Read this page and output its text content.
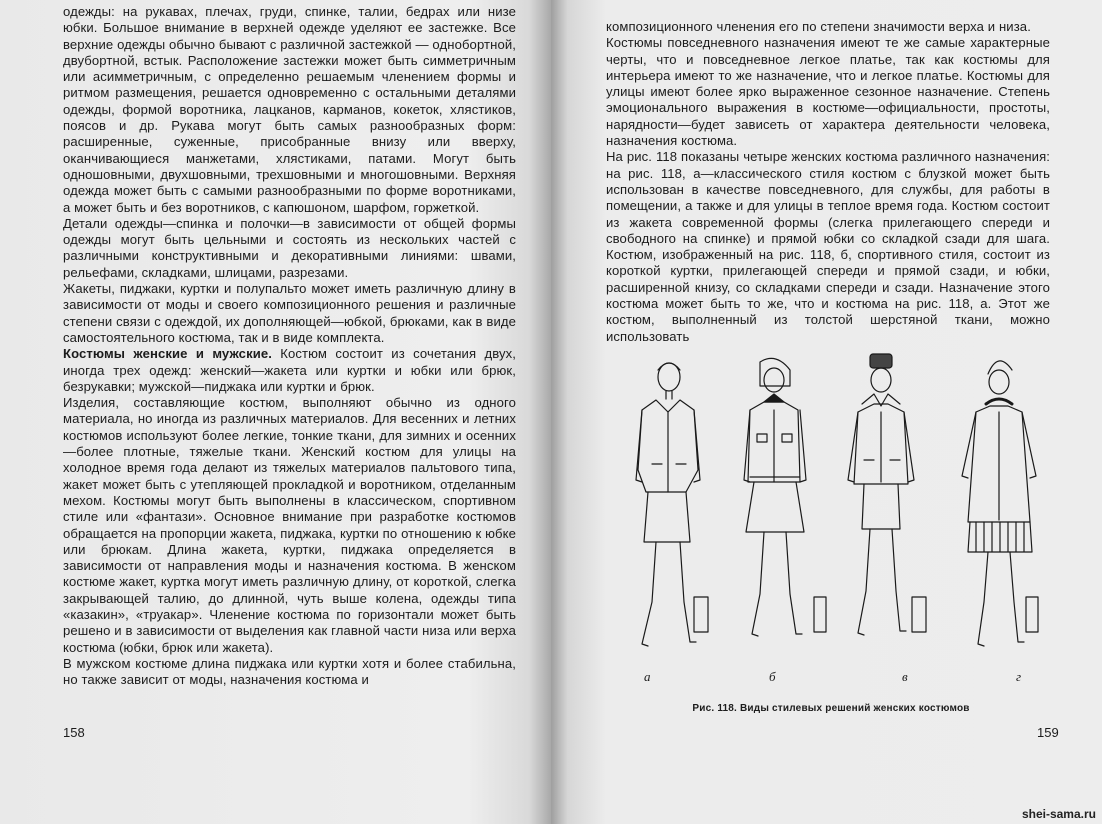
одежды: на рукавах, плечах, груди, спинке, талии, бедрах или низе юбки. Большое внимание в верхней одежде уделяют ее застежке. Все верхние одежды обычно бывают с различной застежкой — однобортной, двубортной, встык. Расположение застежки может быть симметричным или асимметричным, с определенно решаемым членением формы и ритмом размещения, решается одновременно с остальными деталями одежды, формой воротника, лацканов, карманов, кокеток, хлястиков, поясов и др. Рукава могут быть самых разнообразных форм: расширенные, суженные, присобранные внизу или вверху, оканчивающиеся манжетами, хлястиками, патами. Могут быть одношовными, двухшовными, трехшовными и многошовными. Верхняя одежда может быть с самыми разнообразными по форме воротниками, а может быть и без воротников, с капюшоном, шарфом, горжеткой.

Детали одежды—спинка и полочки—в зависимости от общей формы одежды могут быть цельными и состоять из нескольких частей с различными конструктивными и декоративными линиями: швами, рельефами, складками, шлицами, разрезами.

Жакеты, пиджаки, куртки и полупальто может иметь различную длину в зависимости от моды и своего композиционного решения и различные степени связи с одеждой, их дополняющей—юбкой, брюками, как в виде самостоятельного костюма, так и в виде комплекта.

Костюмы женские и мужские. Костюм состоит из сочетания двух, иногда трех одежд: женский—жакета или куртки и юбки или брюк, безрукавки; мужской—пиджака или куртки и брюк.

Изделия, составляющие костюм, выполняют обычно из одного материала, но иногда из различных материалов. Для весенних и летних костюмов используют более легкие, тонкие ткани, для зимних и осенних—более плотные, тяжелые ткани. Женский костюм для улицы на холодное время года делают из тяжелых материалов пальтового типа, жакет может быть с утепляющей прокладкой и воротником, отделанным мехом. Костюмы могут быть выполнены в классическом, спортивном стиле или «фантази». Основное внимание при разработке костюмов обращается на пропорции жакета, пиджака, куртки по отношению к юбке или брюкам. Длина жакета, куртки, пиджака определяется в зависимости от направления моды и назначения костюма. В женском костюме жакет, куртка могут иметь различную длину, от короткой, слегка закрывающей талию, до длинной, чуть выше колена, одежды типа «казакин», «труакар». Членение костюма по горизонтали может быть решено и в зависимости от выделения как главной части низа или верха костюма (юбки, брюк или жакета).

В мужском костюме длина пиджака или куртки хотя и более стабильна, но также зависит от моды, назначения костюма и

158	159

композиционного членения его по степени значимости верха и низа.

Костюмы повседневного назначения имеют те же самые характерные черты, что и повседневное легкое платье, так как костюмы для интерьера имеют то же назначение, что и легкое платье. Костюмы для улицы имеют более ярко выраженное сезонное назначение. Степень эмоционального выражения в костюме—официальности, простоты, нарядности—будет зависеть от характера деятельности человека, назначения костюма.

На рис. 118 показаны четыре женских костюма различного назначения: на рис. 118, а—классического стиля костюм с блузкой может быть использован в качестве повседневного, для службы, для работы в помещении, а также и для улицы в теплое время года. Костюм состоит из жакета современной формы (слегка прилегающего спереди и свободного на спинке) и прямой юбки со складкой сзади для шага. Костюм, изображенный на рис. 118, б, спортивного стиля, состоит из короткой куртки, прилегающей спереди и прямой сзади, и юбки, расширенной книзу, со складками спереди и сзади. Назначение этого костюма может быть то же, что и костюма на рис. 118, а. Этот же костюм, выполненный из толстой шерстяной ткани, можно использовать

а	б	в	г
Рис. 118. Виды стилевых решений женских костюмов
shei-sama.ru
